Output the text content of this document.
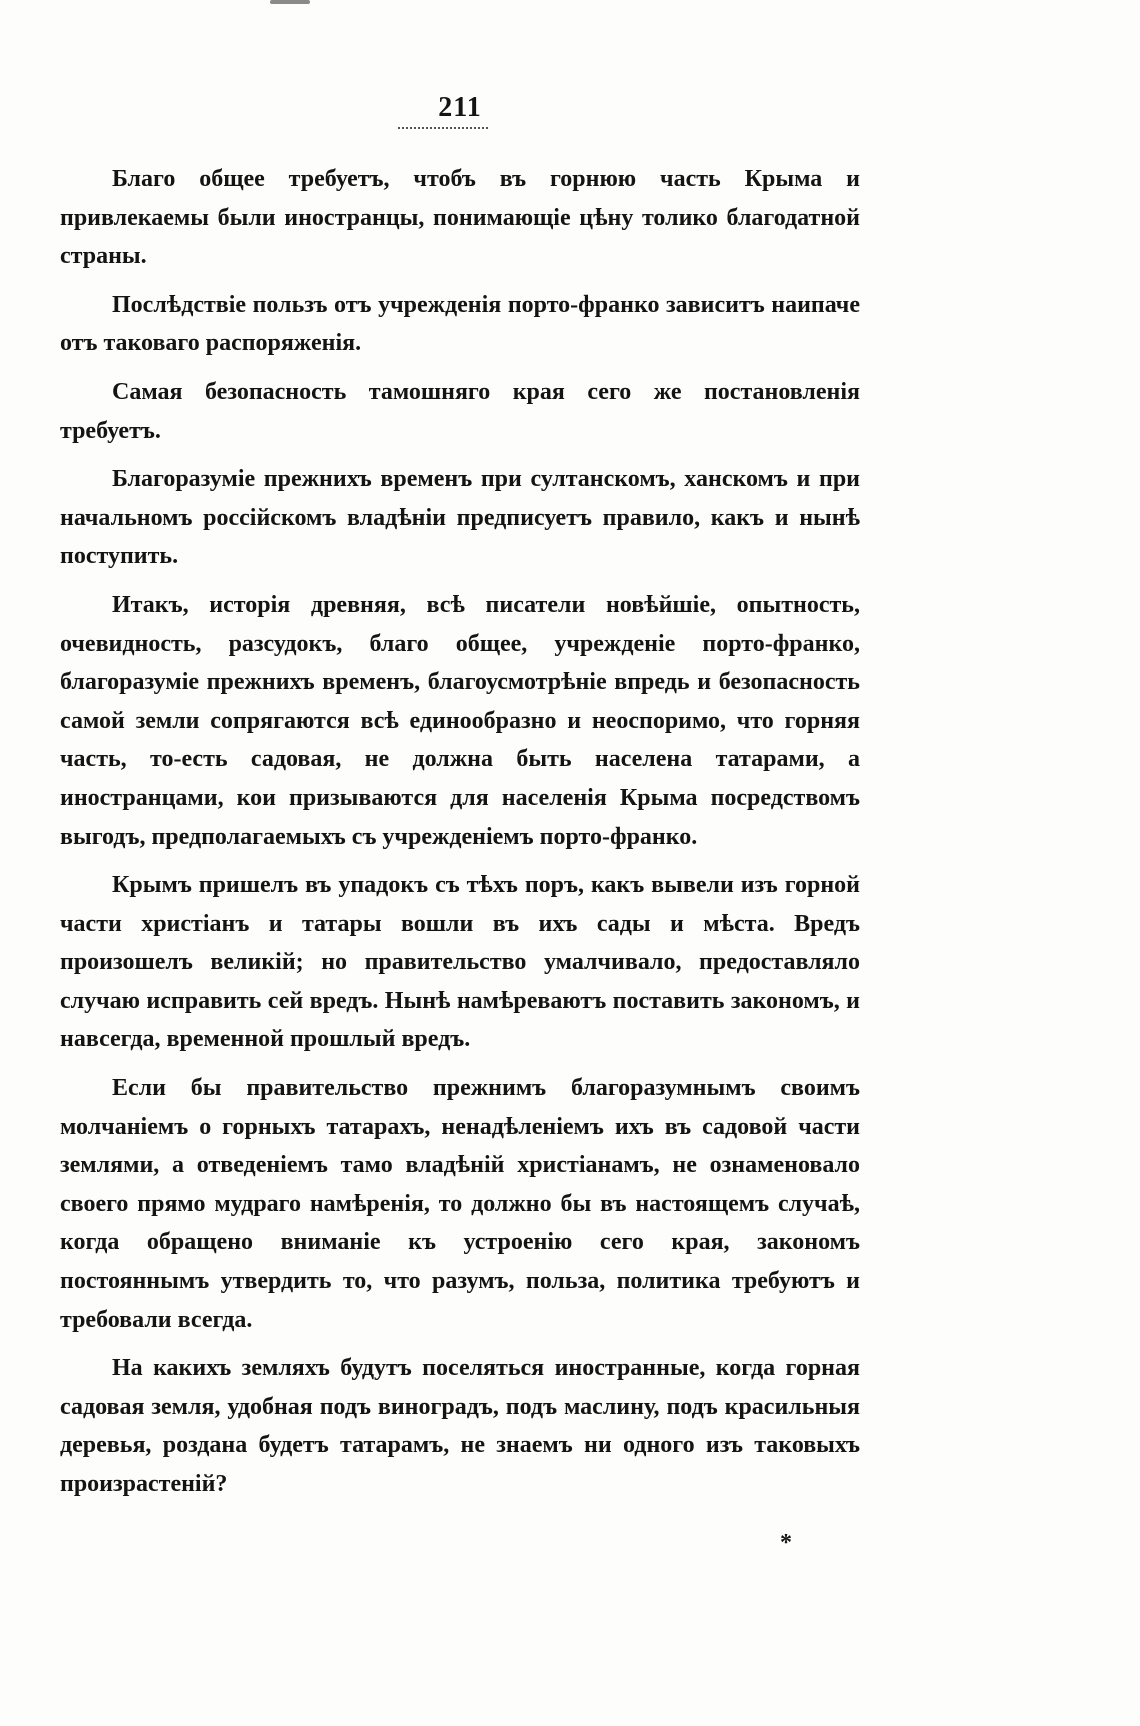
211

Благо общее требуетъ, чтобъ въ горнюю часть Крыма и привлекаемы были иностранцы, понимающіе цѣну толико благодатной страны.

Послѣдствіе пользъ отъ учрежденія порто-франко зависитъ наипаче отъ таковаго распоряженія.

Самая безопасность тамошняго края сего же постановленія требуетъ.

Благоразуміе прежнихъ временъ при султанскомъ, ханскомъ и при начальномъ россійскомъ владѣніи предписуетъ правило, какъ и нынѣ поступить.

Итакъ, исторія древняя, всѣ писатели новѣйшіе, опытность, очевидность, разсудокъ, благо общее, учрежденіе порто-франко, благоразуміе прежнихъ временъ, благоусмотрѣніе впредь и безопасность самой земли сопрягаются всѣ единообразно и неоспоримо, что горняя часть, то-есть садовая, не должна быть населена татарами, а иностранцами, кои призываются для населенія Крыма посредствомъ выгодъ, предполагаемыхъ съ учрежденіемъ порто-франко.

Крымъ пришелъ въ упадокъ съ тѣхъ поръ, какъ вывели изъ горной части христіанъ и татары вошли въ ихъ сады и мѣста. Вредъ произошелъ великій; но правительство умалчивало, предоставляло случаю исправить сей вредъ. Нынѣ намѣреваютъ поставить закономъ, и навсегда, временной прошлый вредъ.

Если бы правительство прежнимъ благоразумнымъ своимъ молчаніемъ о горныхъ татарахъ, ненадѣленіемъ ихъ въ садовой части землями, а отведеніемъ тамо владѣній христіанамъ, не ознаменовало своего прямо мудраго намѣренія, то должно бы въ настоящемъ случаѣ, когда обращено вниманіе къ устроенію сего края, закономъ постояннымъ утвердить то, что разумъ, польза, политика требуютъ и требовали всегда.

На какихъ земляхъ будутъ поселяться иностранные, когда горная садовая земля, удобная подъ виноградъ, подъ маслину, подъ красильныя деревья, роздана будетъ татарамъ, не знаемъ ни одного изъ таковыхъ произрастеній?

*
